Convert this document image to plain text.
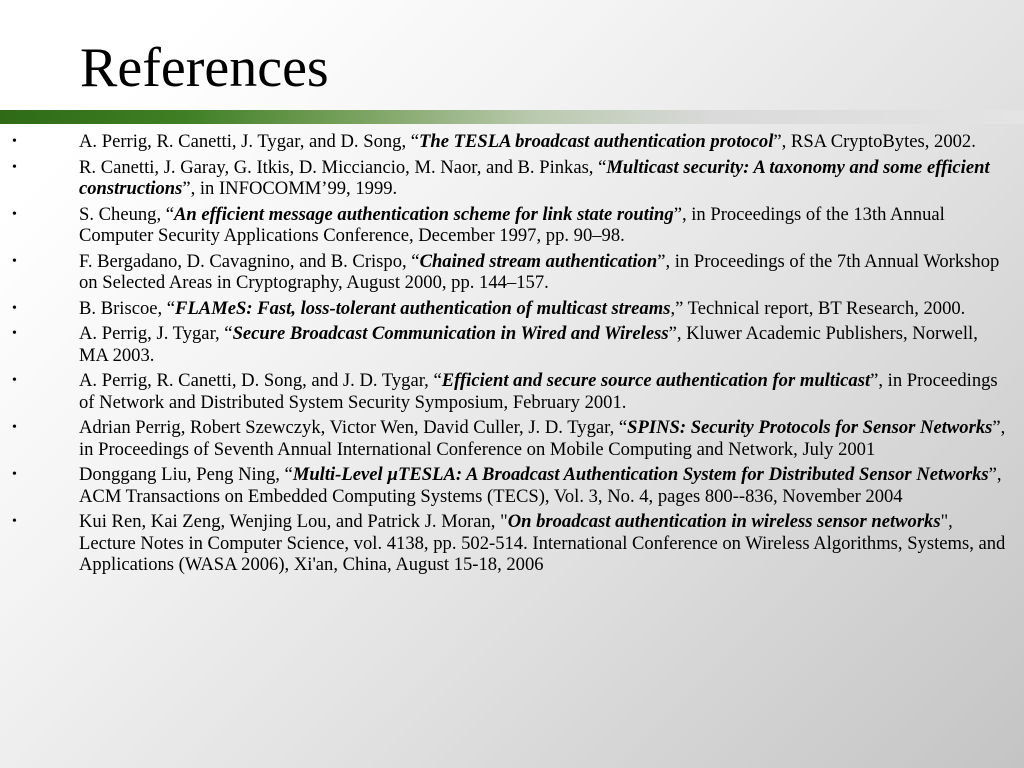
References
•	A. Perrig, R. Canetti, J. Tygar, and D. Song, “The TESLA broadcast authentication protocol”, RSA CryptoBytes, 2002.
•	R. Canetti, J. Garay, G. Itkis, D. Micciancio, M. Naor, and B. Pinkas, “Multicast security: A taxonomy and some efficient constructions”, in INFOCOMM’99, 1999.
•	S. Cheung, “An efficient message authentication scheme for link state routing”, in Proceedings of the 13th Annual Computer Security Applications Conference, December 1997, pp. 90–98.
•	F. Bergadano, D. Cavagnino, and B. Crispo, “Chained stream authentication”, in Proceedings of the 7th Annual Workshop on Selected Areas in Cryptography, August 2000, pp. 144–157.
•	B. Briscoe, “FLAMeS: Fast, loss-tolerant authentication of multicast streams,” Technical report, BT Research, 2000.
•	A. Perrig, J. Tygar, “Secure Broadcast Communication in Wired and Wireless”, Kluwer Academic Publishers, Norwell, MA 2003.
•	A. Perrig, R. Canetti, D. Song, and J. D. Tygar, “Efficient and secure source authentication for multicast”, in Proceedings of Network and Distributed System Security Symposium, February 2001.
•	Adrian Perrig, Robert Szewczyk, Victor Wen, David Culler, J. D. Tygar, “SPINS: Security Protocols for Sensor Networks”, in Proceedings of Seventh Annual International Conference on Mobile Computing and Network, July 2001
•	Donggang Liu, Peng Ning, “Multi-Level µTESLA: A Broadcast Authentication System for Distributed Sensor Networks”, ACM Transactions on Embedded Computing Systems (TECS), Vol. 3, No. 4, pages 800--836, November 2004
•	Kui Ren, Kai Zeng, Wenjing Lou, and Patrick J. Moran, "On broadcast authentication in wireless sensor networks", Lecture Notes in Computer Science, vol. 4138, pp. 502-514. International Conference on Wireless Algorithms, Systems, and Applications (WASA 2006), Xi'an, China, August 15-18, 2006
